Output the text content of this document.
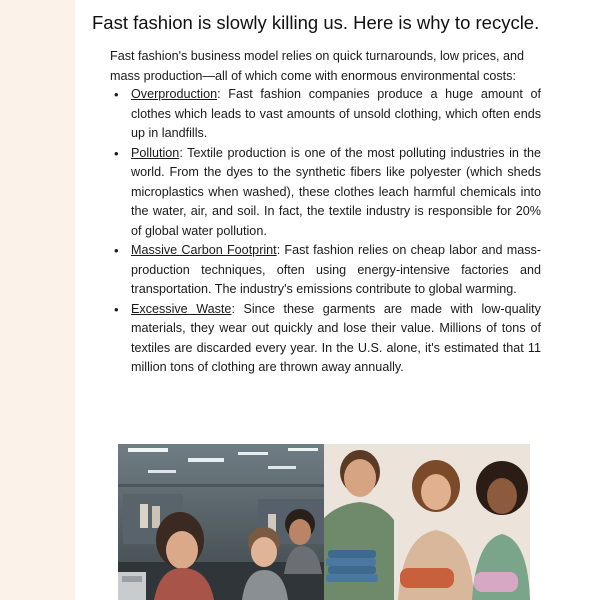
Fast fashion is slowly killing us. Here is why to recycle.

Fast fashion's business model relies on quick turnarounds, low prices, and mass production—all of which come with enormous environmental costs:

• Overproduction: Fast fashion companies produce a huge amount of clothes which leads to vast amounts of unsold clothing, which often ends up in landfills.
• Pollution: Textile production is one of the most polluting industries in the world. From the dyes to the synthetic fibers like polyester (which sheds microplastics when washed), these clothes leach harmful chemicals into the water, air, and soil. In fact, the textile industry is responsible for 20% of global water pollution.
• Massive Carbon Footprint: Fast fashion relies on cheap labor and mass-production techniques, often using energy-intensive factories and transportation. The industry's emissions contribute to global warming.
• Excessive Waste: Since these garments are made with low-quality materials, they wear out quickly and lose their value. Millions of tons of textiles are discarded every year. In the U.S. alone, it's estimated that 11 million tons of clothing are thrown away annually.
